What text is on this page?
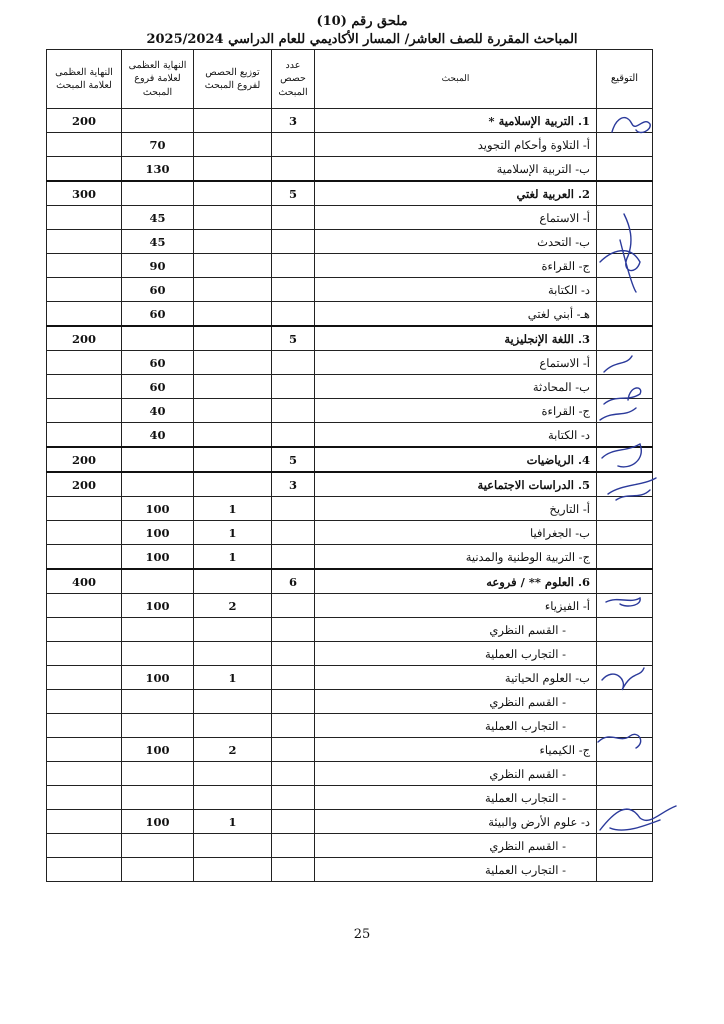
ملحق رقم (10)
المباحث المقررة للصف العاشر/ المسار الأكاديمي للعام الدراسي 2025/2024
التوقيع	المبحث	عدد حصص المبحث	توزيع الحصص لفروع المبحث	النهاية العظمى لعلامة فروع المبحث	النهاية العظمى لعلامة المبحث
	1. التربية الإسلامية *	3			200
	أ- التلاوة وأحكام التجويد			70	
	ب- التربية الإسلامية			130	
	2. العربية لغتي	5			300
	أ- الاستماع			45	
	ب- التحدث			45	
	ج- القراءة			90	
	د- الكتابة			60	
	هـ- أبني لغتي			60	
	3. اللغة الإنجليزية	5			200
	أ- الاستماع			60	
	ب- المحادثة			60	
	ج- القراءة			40	
	د- الكتابة			40	
	4. الرياضيات	5			200
	5. الدراسات الاجتماعية	3			200
	أ- التاريخ		1	100	
	ب- الجغرافيا		1	100	
	ج- التربية الوطنية والمدنية		1	100	
	6. العلوم ** / فروعه	6			400
	أ- الفيزياء		2	100	
	- القسم النظري				
	- التجارب العملية				
	ب- العلوم الحياتية		1	100	
	- القسم النظري				
	- التجارب العملية				
	ج- الكيمياء		2	100	
	- القسم النظري				
	- التجارب العملية				
	د- علوم الأرض والبيئة		1	100	
	- القسم النظري				
	- التجارب العملية				
25
